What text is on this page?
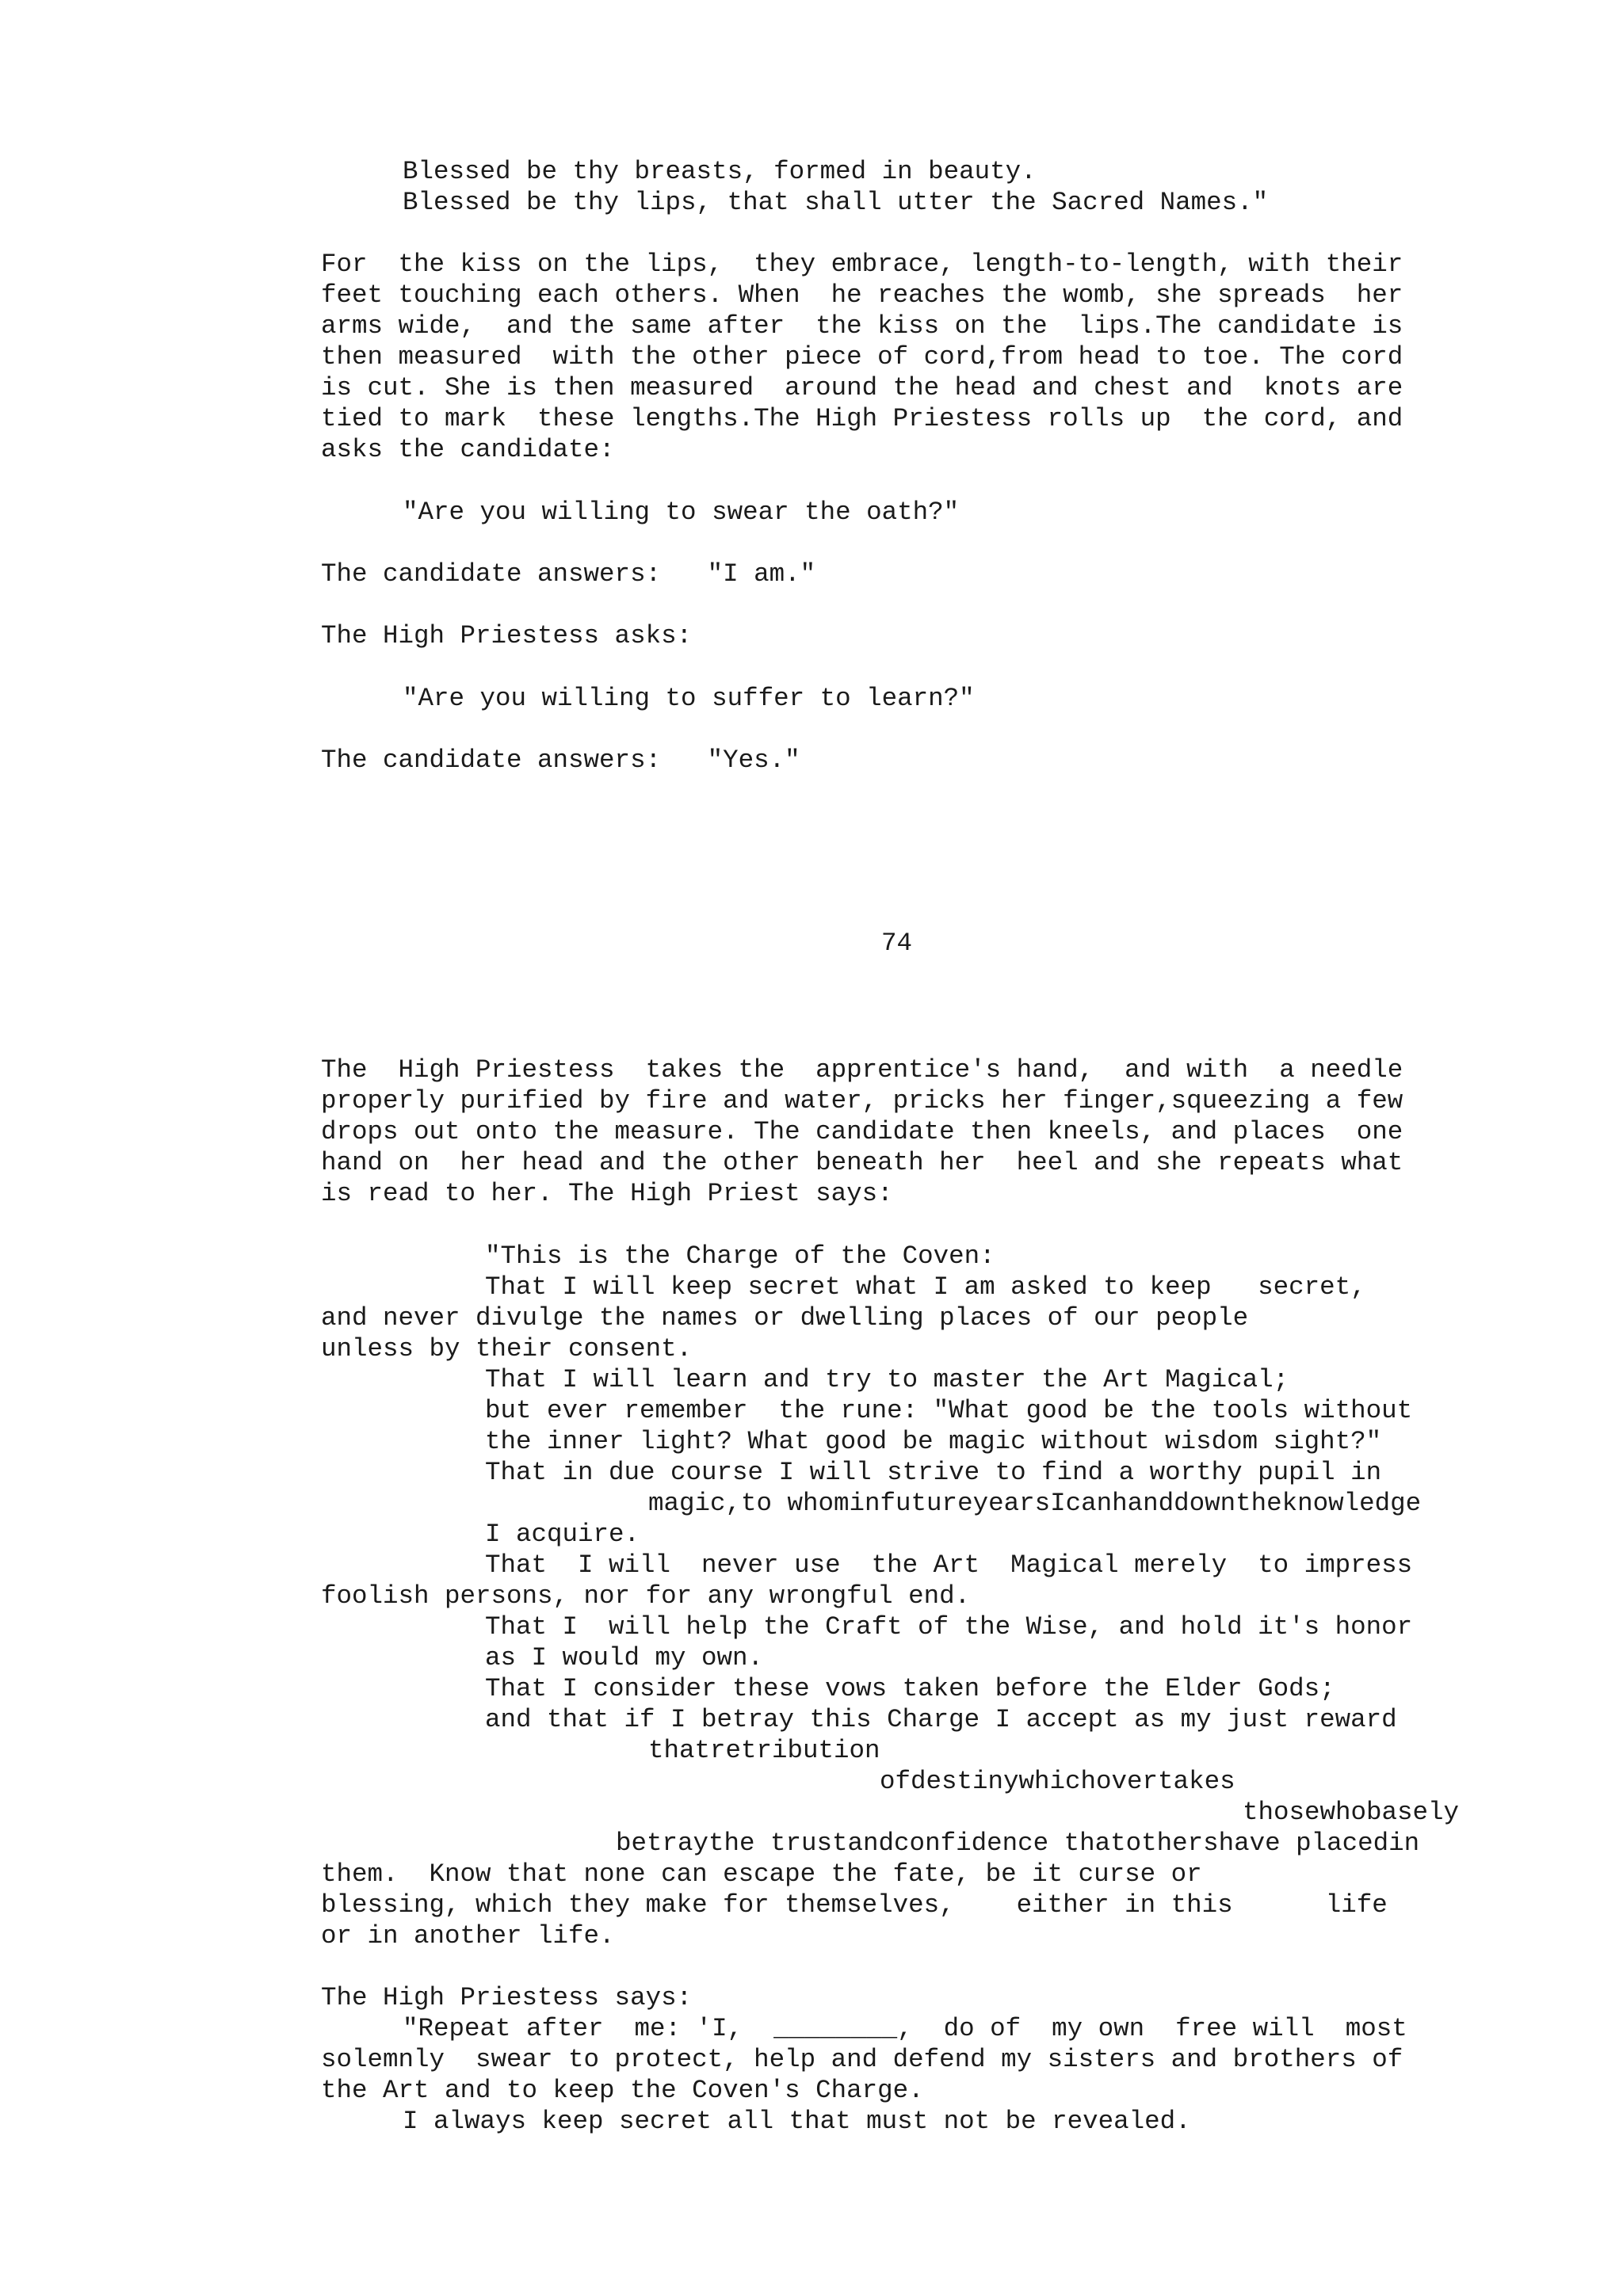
Blessed be thy breasts, formed in beauty.

Blessed be thy lips, that shall utter the Sacred Names."

For  the kiss on the lips,  they embrace, length-to-length, with their

feet touching each others. When  he reaches the womb, she spreads  her

arms wide,  and the same after  the kiss on the  lips.The candidate is

then measured  with the other piece of cord,from head to toe. The cord

is cut. She is then measured  around the head and chest and  knots are

tied to mark  these lengths.The High Priestess rolls up  the cord, and

asks the candidate:

"Are you willing to swear the oath?"

The candidate answers:   "I am."

The High Priestess asks:

"Are you willing to suffer to learn?"

The candidate answers:   "Yes."

74

The  High Priestess  takes the  apprentice's hand,  and with  a needle

properly purified by fire and water, pricks her finger,squeezing a few

drops out onto the measure. The candidate then kneels, and places  one

hand on  her head and the other beneath her  heel and she repeats what

is read to her. The High Priest says:

"This is the Charge of the Coven:

That I will keep secret what I am asked to keep   secret,

and never divulge the names or dwelling places of our people

unless by their consent.

That I will learn and try to master the Art Magical;

but ever remember  the rune: "What good be the tools without

the inner light? What good be magic without wisdom sight?"

That in due course I will strive to find a worthy pupil in

magic,to whominfutureyearsIcanhanddowntheknowledge

I acquire.

That  I will  never use  the Art  Magical merely  to impress

foolish persons, nor for any wrongful end.

That I  will help the Craft of the Wise, and hold it's honor

as I would my own.

That I consider these vows taken before the Elder Gods;

and that if I betray this Charge I accept as my just reward

thatretribution

ofdestinywhichovertakes

thosewhobasely

betraythe trustandconfidence thatothershave placedin

them.  Know that none can escape the fate, be it curse or

blessing, which they make for themselves,    either in this      life

or in another life.

The High Priestess says:

"Repeat after  me: 'I,  ________,  do of  my own  free will  most

solemnly  swear to protect, help and defend my sisters and brothers of

the Art and to keep the Coven's Charge.

I always keep secret all that must not be revealed.
